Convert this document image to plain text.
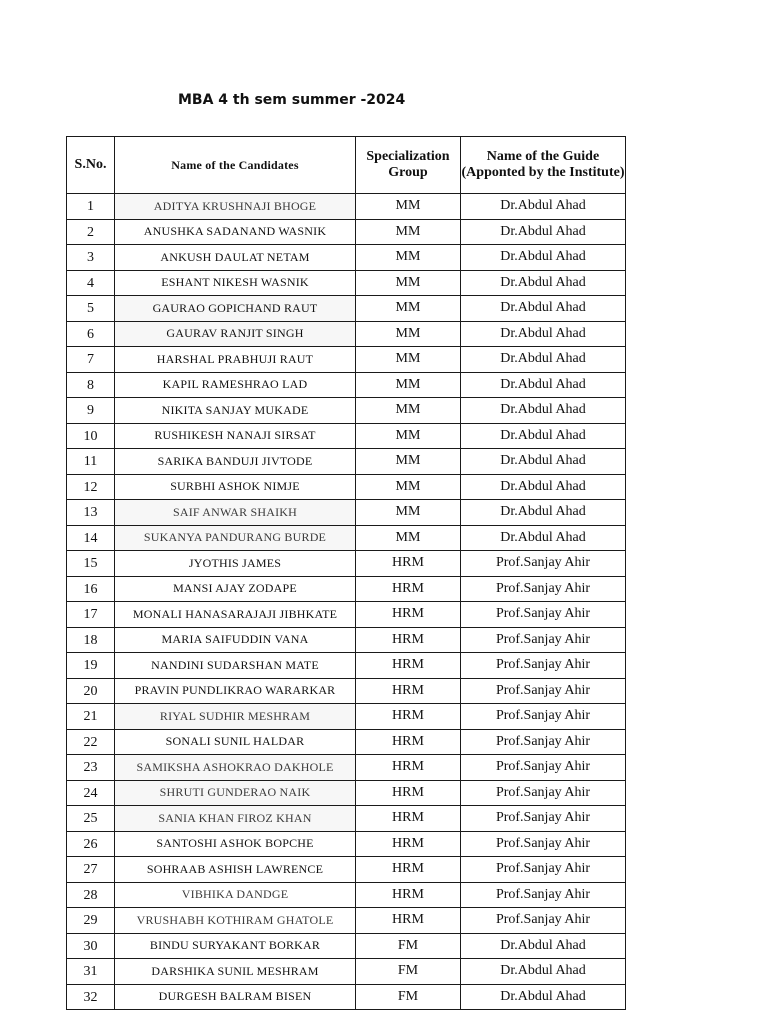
MBA 4 th sem summer -2024
S.No.	Name of the Candidates	Specialization Group	Name of the Guide (Apponted by the Institute)
1	ADITYA KRUSHNAJI BHOGE	MM	Dr.Abdul Ahad
2	ANUSHKA SADANAND WASNIK	MM	Dr.Abdul Ahad
3	ANKUSH DAULAT NETAM	MM	Dr.Abdul Ahad
4	ESHANT NIKESH WASNIK	MM	Dr.Abdul Ahad
5	GAURAO GOPICHAND RAUT	MM	Dr.Abdul Ahad
6	GAURAV RANJIT SINGH	MM	Dr.Abdul Ahad
7	HARSHAL PRABHUJI RAUT	MM	Dr.Abdul Ahad
8	KAPIL RAMESHRAO LAD	MM	Dr.Abdul Ahad
9	NIKITA SANJAY MUKADE	MM	Dr.Abdul Ahad
10	RUSHIKESH NANAJI SIRSAT	MM	Dr.Abdul Ahad
11	SARIKA BANDUJI JIVTODE	MM	Dr.Abdul Ahad
12	SURBHI ASHOK NIMJE	MM	Dr.Abdul Ahad
13	SAIF ANWAR SHAIKH	MM	Dr.Abdul Ahad
14	SUKANYA PANDURANG BURDE	MM	Dr.Abdul Ahad
15	JYOTHIS JAMES	HRM	Prof.Sanjay Ahir
16	MANSI AJAY ZODAPE	HRM	Prof.Sanjay Ahir
17	MONALI HANASARAJAJI JIBHKATE	HRM	Prof.Sanjay Ahir
18	MARIA SAIFUDDIN VANA	HRM	Prof.Sanjay Ahir
19	NANDINI SUDARSHAN MATE	HRM	Prof.Sanjay Ahir
20	PRAVIN PUNDLIKRAO WARARKAR	HRM	Prof.Sanjay Ahir
21	RIYAL SUDHIR MESHRAM	HRM	Prof.Sanjay Ahir
22	SONALI SUNIL HALDAR	HRM	Prof.Sanjay Ahir
23	SAMIKSHA ASHOKRAO DAKHOLE	HRM	Prof.Sanjay Ahir
24	SHRUTI GUNDERAO NAIK	HRM	Prof.Sanjay Ahir
25	SANIA KHAN FIROZ KHAN	HRM	Prof.Sanjay Ahir
26	SANTOSHI ASHOK BOPCHE	HRM	Prof.Sanjay Ahir
27	SOHRAAB ASHISH LAWRENCE	HRM	Prof.Sanjay Ahir
28	VIBHIKA DANDGE	HRM	Prof.Sanjay Ahir
29	VRUSHABH KOTHIRAM GHATOLE	HRM	Prof.Sanjay Ahir
30	BINDU SURYAKANT BORKAR	FM	Dr.Abdul Ahad
31	DARSHIKA SUNIL MESHRAM	FM	Dr.Abdul Ahad
32	DURGESH BALRAM BISEN	FM	Dr.Abdul Ahad
